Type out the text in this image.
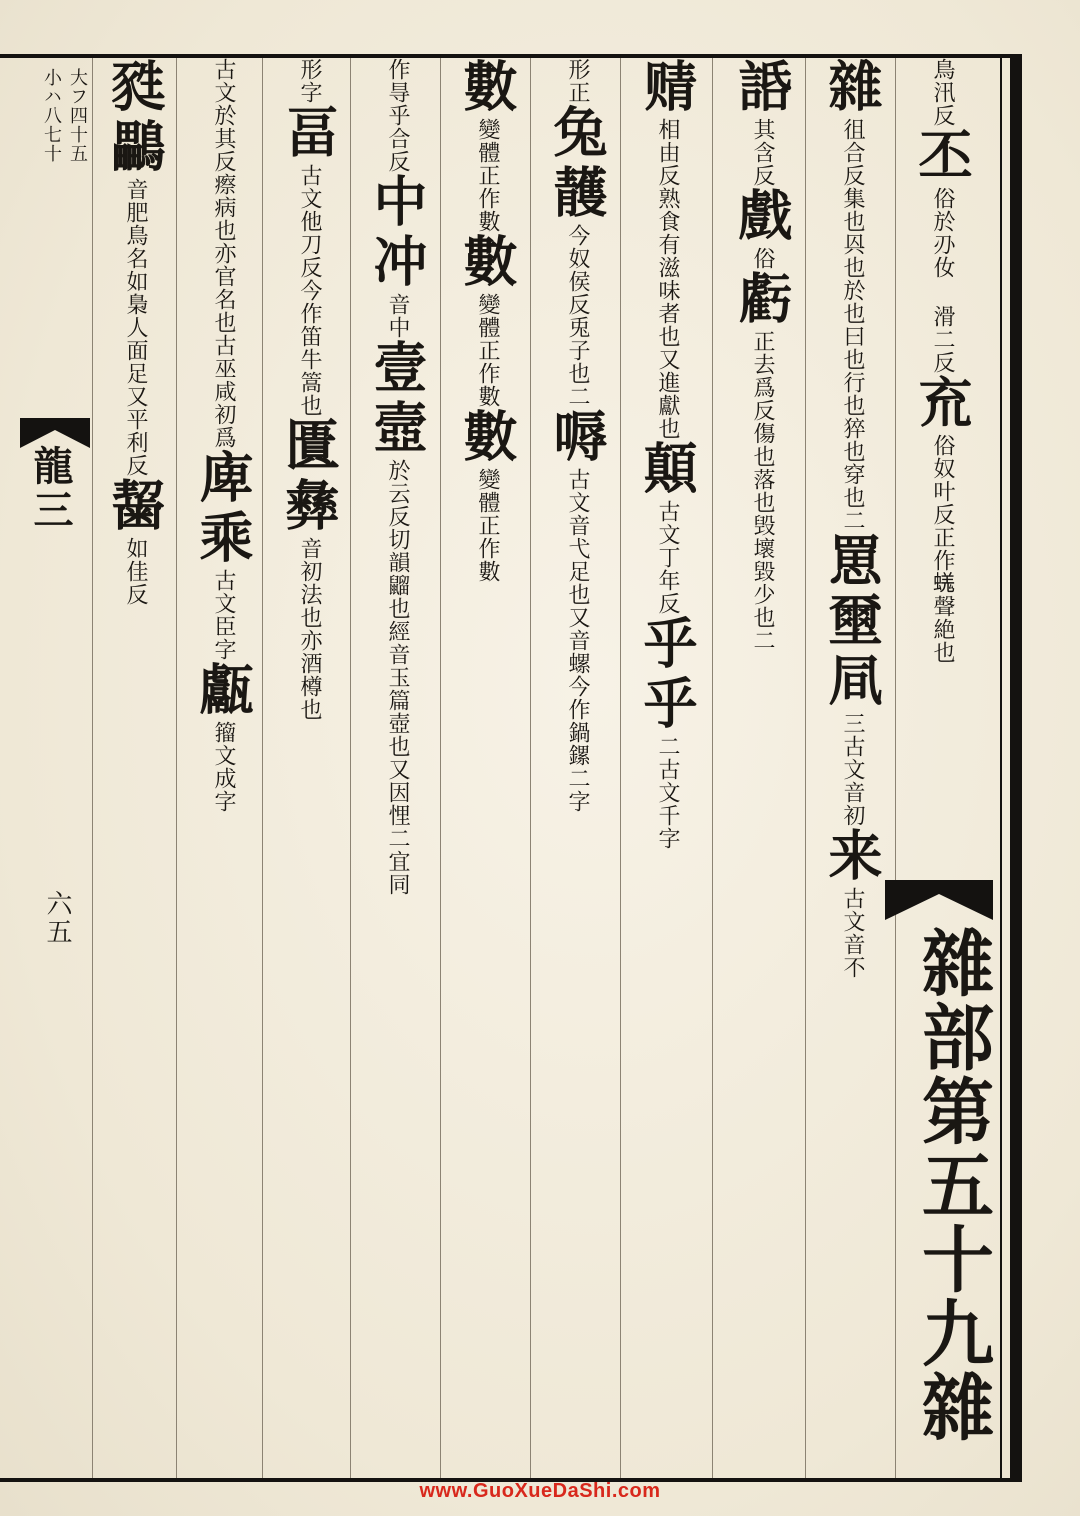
鳥汛反丕俗於刅㚢 滑二反㐬俗奴叶反正作𧏙聲絶也
雜徂合反集也㒷也於也曰也行也猝也穿也二罳壐凬三古文音初来古文音不
䛡其含反戲俗虧正去爲反傷也落也毁壞毀少也二
䞍相由反熟食有滋味者也又進獻也顛古文丁年反乎乎二古文千字
形正兔䨼今奴侯反兎子也二嗕古文音弋足也又音螺今作鍋鏍二字
數變體正作數數變體正作數數變體正作數
作㝵乎合反中冲音中壹壼於云反切韻䶉也經音玉篇壺也又因悝二宜同
形字畐古文他刀反今作笛牛篙也匱彝音初法也亦酒樽也
古文於其反瘵病也亦官名也古巫咸初爲庳乘古文臣字甗籀文成字
甤鸓音肥鳥名如梟人面足又平利反𪘂如佳反
雜部第五十九雜
龍三
六五
大フ四十五
小ハ八七十
www.GuoXueDaShi.com
